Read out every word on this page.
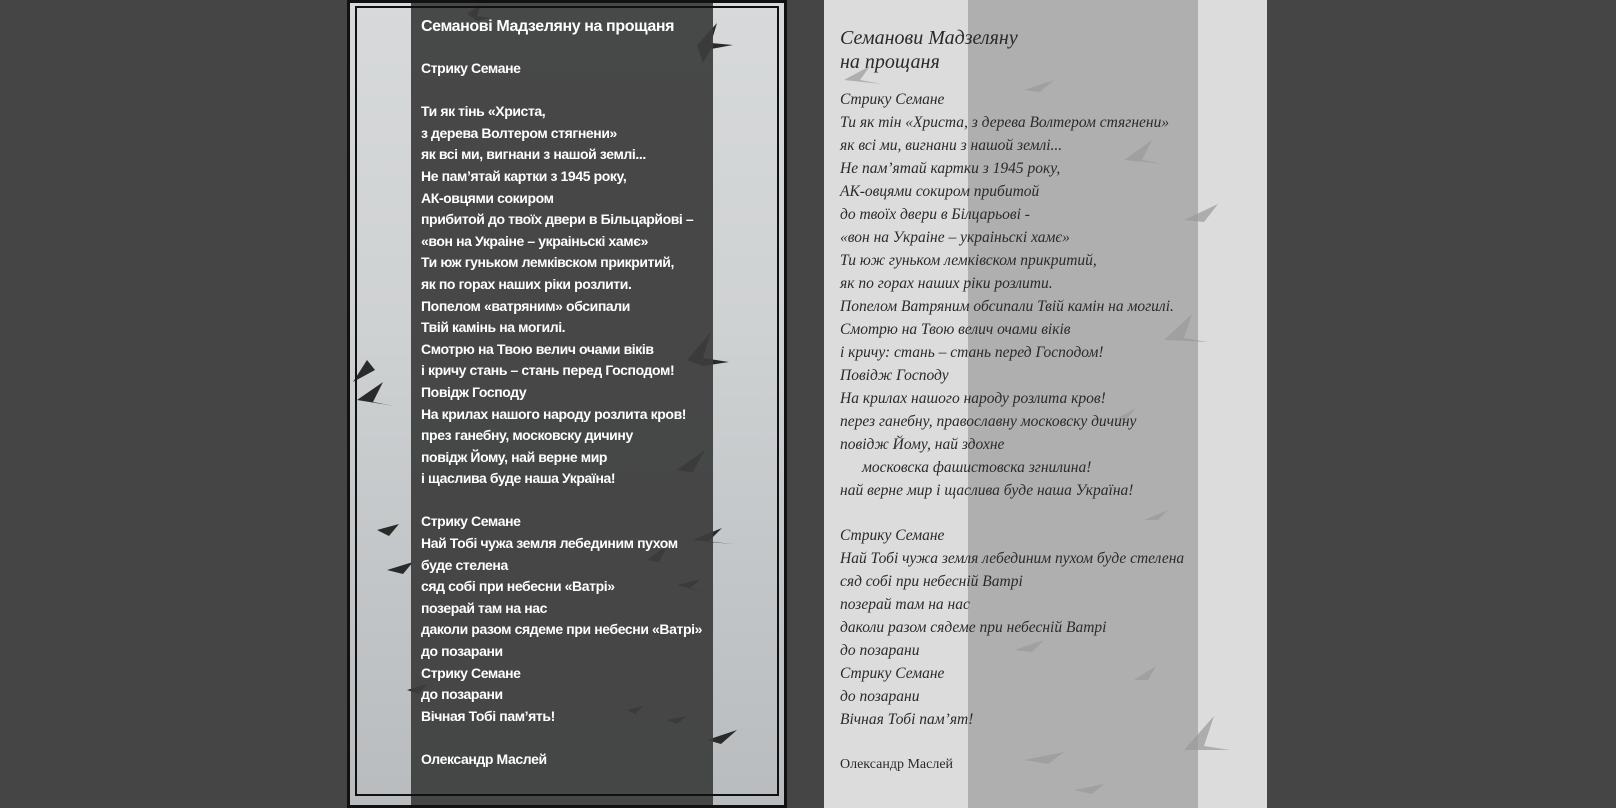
Семанові Мадзеляну на прощаня
Стрику Семане
Ти як тінь «Христа,
з дерева Волтером стягнени»
як всі ми, вигнани з нашой землі...
Не пам’ятай картки з 1945 року,
АК-овцями сокиром
прибитой до твоїх двери в Більцарйові –
«вон на Украіне – украіньскі хамє»
Ти юж гуньком лемківском прикритий,
як по горах наших ріки розлити.
Попелом «ватряним» обсипали
Твій камінь на могилі.
Смотрю на Твою велич очами віків
і кричу стань – стань перед Господом!
Повідж Господу
На крилах нашого народу розлита кров!
през ганебну, московску дичину
повідж Йому, най верне мир
і щаслива буде наша Україна!
Стрику Семане
Най Тобі чужа земля лебединим пухом
буде стелена
сяд собі при небесни «Ватрі»
позерай там на нас
даколи разом сядеме при небесни «Ватрі»
до позарани
Стрику Семане
до позарани
Вічная Тобі пам’ять!
Олександр Маслей
Семанови Мадзеляну
на прощаня
Стрику Семане
Ти як тін «Христа, з дерева Волтером стягнени»
як всі ми, вигнани з нашой землі...
Не пам’ятай картки з 1945 року,
АК-овцями сокиром прибитой
до твоїх двери в Білцарьові -
«вон на Украіне – украіньскі хамє»
Ти юж гуньком лемківском прикритий,
як по горах наших ріки розлити.
Попелом Ватряним обсипали Твій камін на могилі.
Смотрю на Твою велич очами віків
і кричу: стань – стань перед Господом!
Повідж Господу
На крилах нашого народу розлита кров!
перез ганебну, православну московску дичину
повідж Йому, най здохне
московска фашистовска згнилина!
най верне мир і щаслива буде наша Україна!
Стрику Семане
Най Тобі чужа земля лебединим пухом буде стелена
сяд собі при небесній Ватрі
позерай там на нас
даколи разом сядеме при небесній Ватрі
до позарани
Стрику Семане
до позарани
Вічная Тобі пам’ят!
Олександр Маслей
